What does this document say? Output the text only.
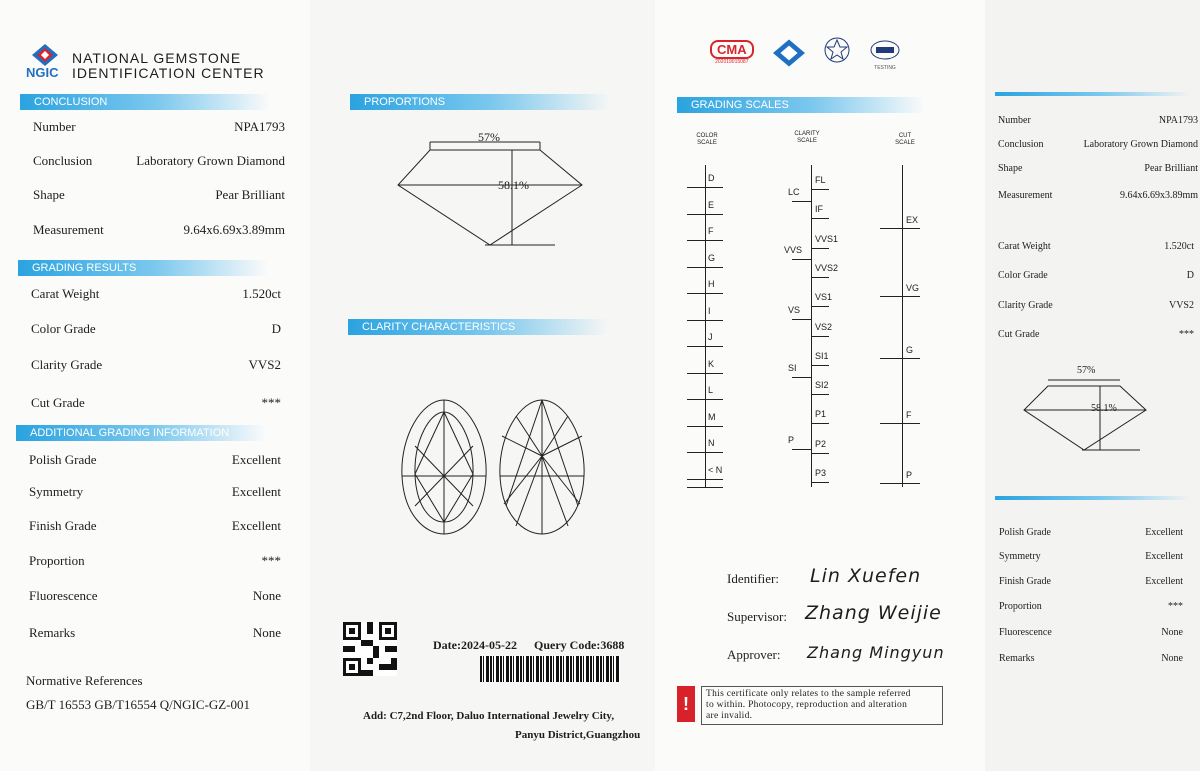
NGIC
NATIONAL GEMSTONE
IDENTIFICATION CENTER
CONCLUSION
Number	NPA1793
Conclusion	Laboratory Grown Diamond
Shape	Pear Brilliant
Measurement	9.64x6.69x3.89mm
GRADING RESULTS
Carat Weight	1.520ct
Color Grade	D
Clarity Grade	VVS2
Cut Grade	***
ADDITIONAL GRADING INFORMATION
Polish Grade	Excellent
Symmetry	Excellent
Finish Grade	Excellent
Proportion	***
Fluorescence	None
Remarks	None
Normative References
GB/T 16553 GB/T16554 Q/NGIC-GZ-001
PROPORTIONS
57%
58.1%
CLARITY CHARACTERISTICS
Date:2024-05-22 Query Code:3688
Add: C7,2nd Floor, Daluo International Jewelry City,
Panyu District,Guangzhou
CMA
202019015087
TESTING
GRADING SCALES
COLOR
SCALE
CLARITY
SCALE
CUT
SCALE
D
E
F
G
H
I
J
K
L
M
N
< N
FL
IF
VVS1
VVS2
VS1
VS2
SI1
SI2
P1
P2
P3
LC
VVS
VS
SI
P
EX
VG
G
F
P
Identifier: Lin Xuefen
Supervisor: Zhang Weijie
Approver: Zhang Mingyun
!	This certificate only relates to the sample referred
to within. Photocopy, reproduction and alteration
are invalid.
Number	NPA1793
Conclusion	Laboratory Grown Diamond
Shape	Pear Brilliant
Measurement	9.64x6.69x3.89mm
Carat Weight	1.520ct
Color Grade	D
Clarity Grade	VVS2
Cut Grade	***
57%
58.1%
Polish Grade	Excellent
Symmetry	Excellent
Finish Grade	Excellent
Proportion	***
Fluorescence	None
Remarks	None
